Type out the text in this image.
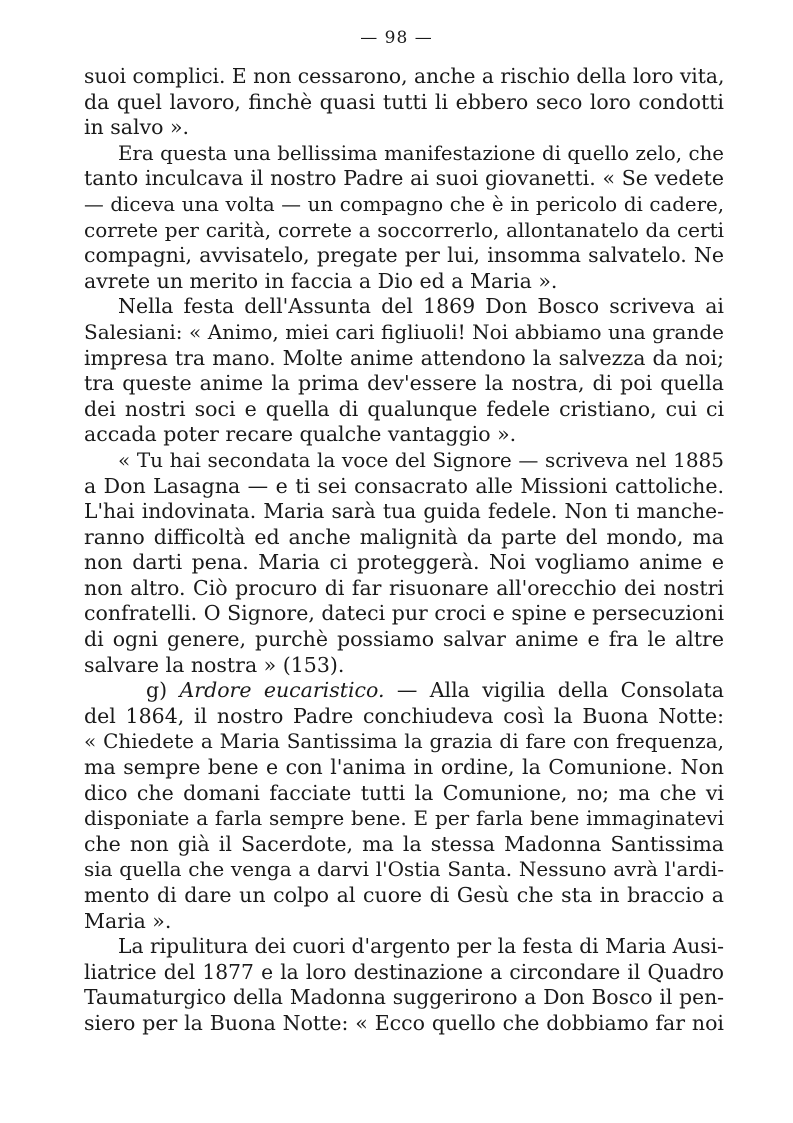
— 98 —
suoi complici. E non cessarono, anche a rischio della loro vita,
da quel lavoro, finchè quasi tutti li ebbero seco loro condotti
in salvo ».
Era questa una bellissima manifestazione di quello zelo, che
tanto inculcava il nostro Padre ai suoi giovanetti. « Se vedete
— diceva una volta — un compagno che è in pericolo di cadere,
correte per carità, correte a soccorrerlo, allontanatelo da certi
compagni, avvisatelo, pregate per lui, insomma salvatelo. Ne
avrete un merito in faccia a Dio ed a Maria ».
Nella festa dell'Assunta del 1869 Don Bosco scriveva ai
Salesiani: « Animo, miei cari figliuoli! Noi abbiamo una grande
impresa tra mano. Molte anime attendono la salvezza da noi;
tra queste anime la prima dev'essere la nostra, di poi quella
dei nostri soci e quella di qualunque fedele cristiano, cui ci
accada poter recare qualche vantaggio ».
« Tu hai secondata la voce del Signore — scriveva nel 1885
a Don Lasagna — e ti sei consacrato alle Missioni cattoliche.
L'hai indovinata. Maria sarà tua guida fedele. Non ti manche-
ranno difficoltà ed anche malignità da parte del mondo, ma
non darti pena. Maria ci proteggerà. Noi vogliamo anime e
non altro. Ciò procuro di far risuonare all'orecchio dei nostri
confratelli. O Signore, dateci pur croci e spine e persecuzioni
di ogni genere, purchè possiamo salvar anime e fra le altre
salvare la nostra » (153).
g) Ardore eucaristico. — Alla vigilia della Consolata
del 1864, il nostro Padre conchiudeva così la Buona Notte:
« Chiedete a Maria Santissima la grazia di fare con frequenza,
ma sempre bene e con l'anima in ordine, la Comunione. Non
dico che domani facciate tutti la Comunione, no; ma che vi
disponiate a farla sempre bene. E per farla bene immaginatevi
che non già il Sacerdote, ma la stessa Madonna Santissima
sia quella che venga a darvi l'Ostia Santa. Nessuno avrà l'ardi-
mento di dare un colpo al cuore di Gesù che sta in braccio a
Maria ».
La ripulitura dei cuori d'argento per la festa di Maria Ausi-
liatrice del 1877 e la loro destinazione a circondare il Quadro
Taumaturgico della Madonna suggerirono a Don Bosco il pen-
siero per la Buona Notte: « Ecco quello che dobbiamo far noi
